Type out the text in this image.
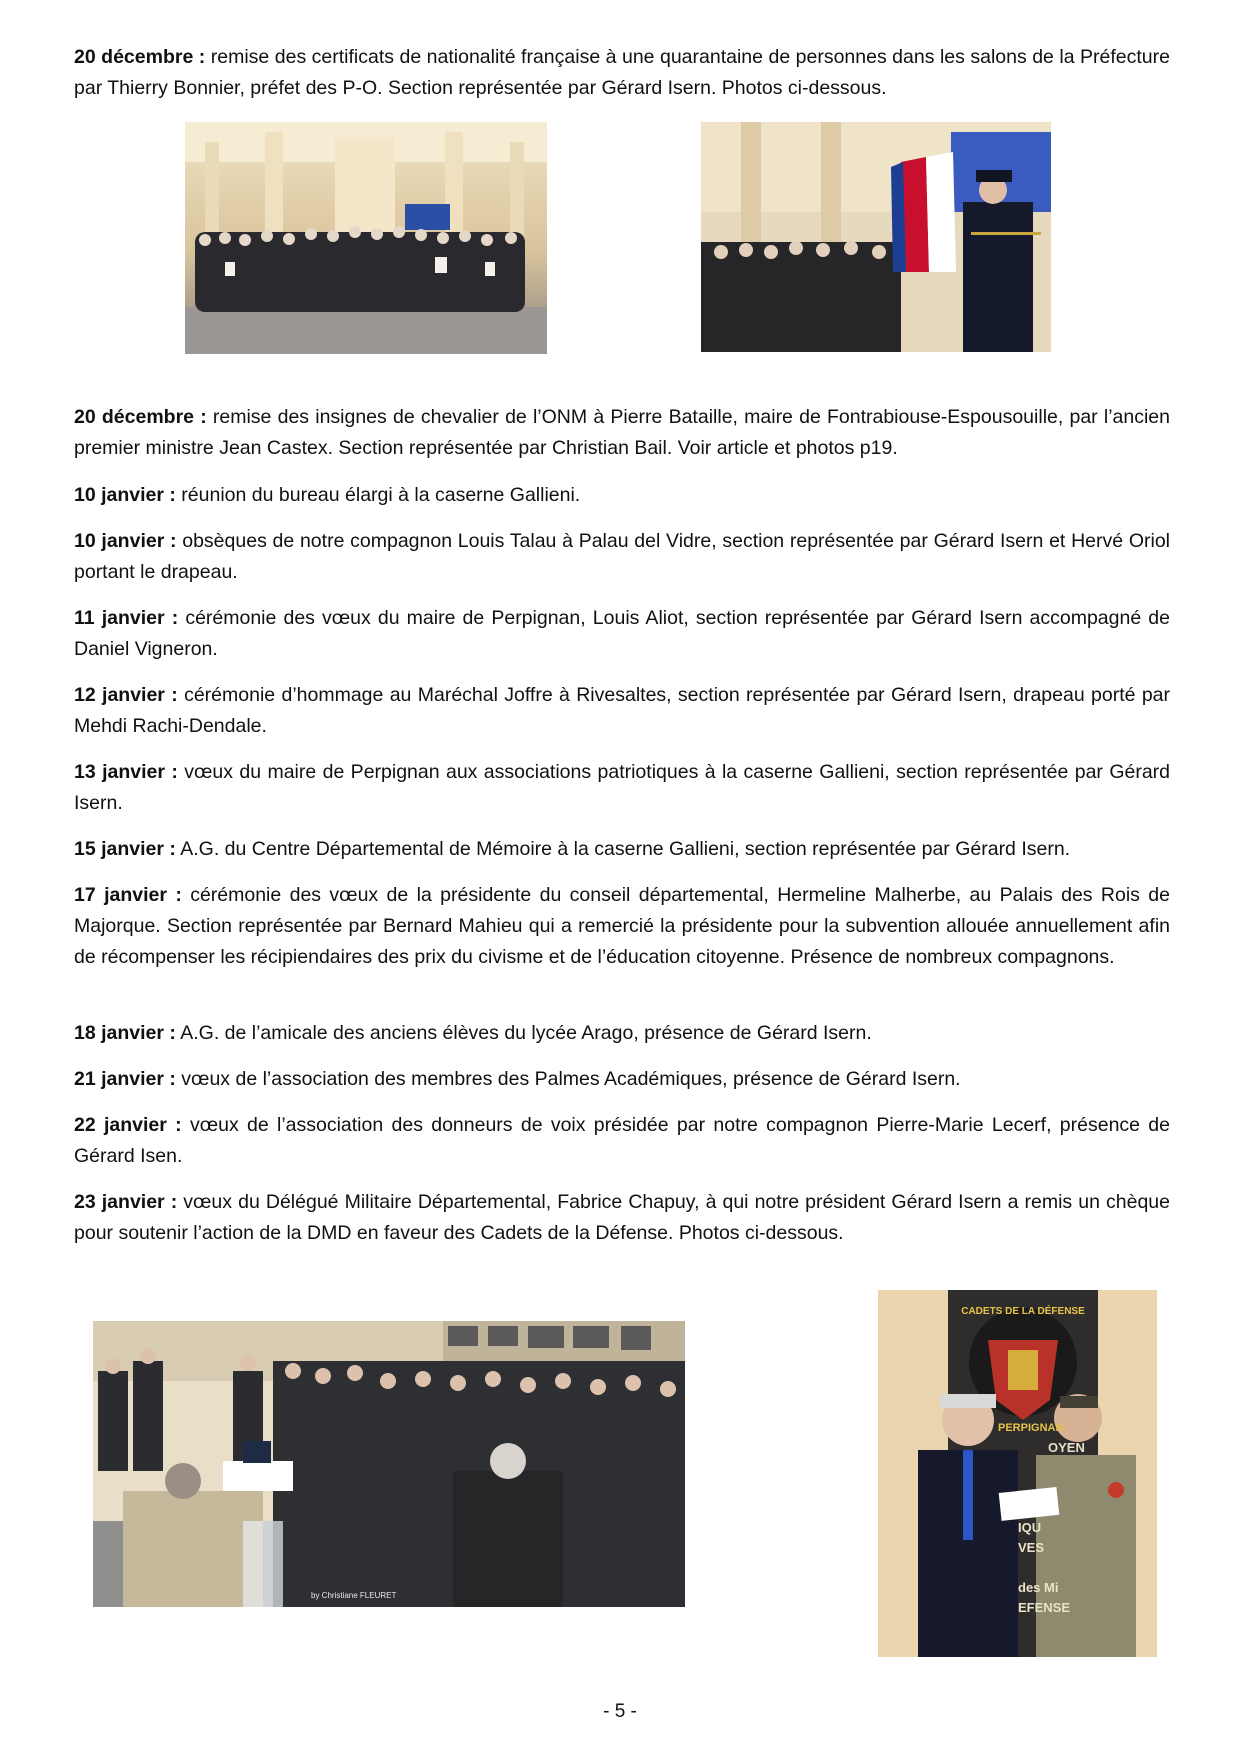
20 décembre : remise des certificats de nationalité française à une quarantaine de personnes dans les salons de la Préfecture par Thierry Bonnier, préfet des P-O. Section représentée par Gérard Isern. Photos ci-dessous.

20 décembre : remise des insignes de chevalier de l’ONM à Pierre Bataille, maire de Fontrabiouse-Espousouille, par l’ancien premier ministre Jean Castex. Section représentée par Christian Bail. Voir article et photos p19.

10 janvier : réunion du bureau élargi à la caserne Gallieni.

10 janvier : obsèques de notre compagnon Louis Talau à Palau del Vidre, section représentée par Gérard Isern et Hervé Oriol portant le drapeau.

11 janvier : cérémonie des vœux du maire de Perpignan, Louis Aliot, section représentée par Gérard Isern accompagné de Daniel Vigneron.

12 janvier : cérémonie d’hommage au Maréchal Joffre à Rivesaltes, section représentée par Gérard Isern, drapeau porté par Mehdi Rachi-Dendale.

13 janvier : vœux du maire de Perpignan aux associations patriotiques à la caserne Gallieni, section représentée par Gérard Isern.

15 janvier : A.G. du Centre Départemental de Mémoire à la caserne Gallieni, section représentée par Gérard Isern.

17 janvier : cérémonie des vœux de la présidente du conseil départemental, Hermeline Malherbe, au Palais des Rois de Majorque. Section représentée par Bernard Mahieu qui a remercié la présidente pour la subvention allouée annuellement afin de récompenser les récipiendaires des prix du civisme et de l’éducation citoyenne. Présence de nombreux compagnons.

18 janvier : A.G. de l’amicale des anciens élèves du lycée Arago, présence de Gérard Isern.

21 janvier : vœux de l’association des membres des Palmes Académiques, présence de Gérard Isern.

22 janvier : vœux de l’association des donneurs de voix présidée par notre compagnon Pierre-Marie Lecerf, présence de Gérard Isen.

23 janvier : vœux du Délégué Militaire Départemental, Fabrice Chapuy, à qui notre président Gérard Isern a remis un chèque pour soutenir l’action de la DMD en faveur des Cadets de la Défense. Photos ci-dessous.

by Christiane FLEURET
CADETS DE LA DÉFENSE
PERPIGNAN
OYEN
IQU
VES
des Mi
EFENSE
- 5 -
